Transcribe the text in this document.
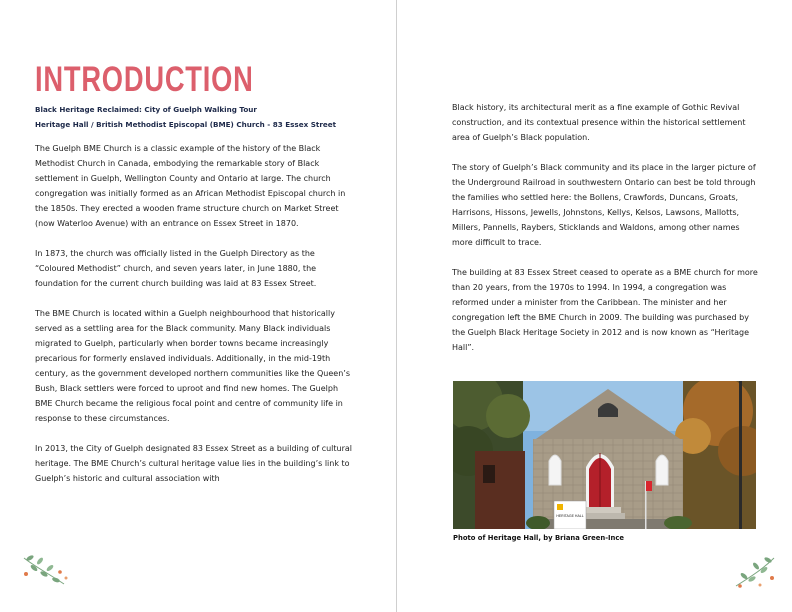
INTRODUCTION
Black Heritage Reclaimed: City of Guelph Walking Tour
Heritage Hall / British Methodist Episcopal (BME) Church - 83 Essex Street

The Guelph BME Church is a classic example of the history of the Black Methodist Church in Canada, embodying the remarkable story of Black settlement in Guelph, Wellington County and Ontario at large. The church congregation was initially formed as an African Methodist Episcopal church in the 1850s. They erected a wooden frame structure church on Market Street (now Waterloo Avenue) with an entrance on Essex Street in 1870.

In 1873, the church was officially listed in the Guelph Directory as the “Coloured Methodist” church, and seven years later, in June 1880, the foundation for the current church building was laid at 83 Essex Street.

The BME Church is located within a Guelph neighbourhood that historically served as a settling area for the Black community. Many Black individuals migrated to Guelph, particularly when border towns became increasingly precarious for formerly enslaved individuals. Additionally, in the mid-19th century, as the government developed northern communities like the Queen’s Bush, Black settlers were forced to uproot and find new homes. The Guelph BME Church became the religious focal point and centre of community life in response to these circumstances.

In 2013, the City of Guelph designated 83 Essex Street as a building of cultural heritage. The BME Church’s cultural heritage value lies in the building’s link to Guelph’s historic and cultural association with

Black history, its architectural merit as a fine example of Gothic Revival construction, and its contextual presence within the historical settlement area of Guelph’s Black population.

The story of Guelph’s Black community and its place in the larger picture of the Underground Railroad in southwestern Ontario can best be told through the families who settled here: the Bollens, Crawfords, Duncans, Groats, Harrisons, Hissons, Jewells, Johnstons, Kellys, Kelsos, Lawsons, Mallotts, Millers, Pannells, Raybers, Sticklands and Waldons, among other names more difficult to trace.

The building at 83 Essex Street ceased to operate as a BME church for more than 20 years, from the 1970s to 1994. In 1994, a congregation was reformed under a minister from the Caribbean. The minister and her congregation left the BME Church in 2009. The building was purchased by the Guelph Black Heritage Society in 2012 and is now known as “Heritage Hall”.

HERITAGE HALL
Photo of Heritage Hall, by Briana Green-Ince
